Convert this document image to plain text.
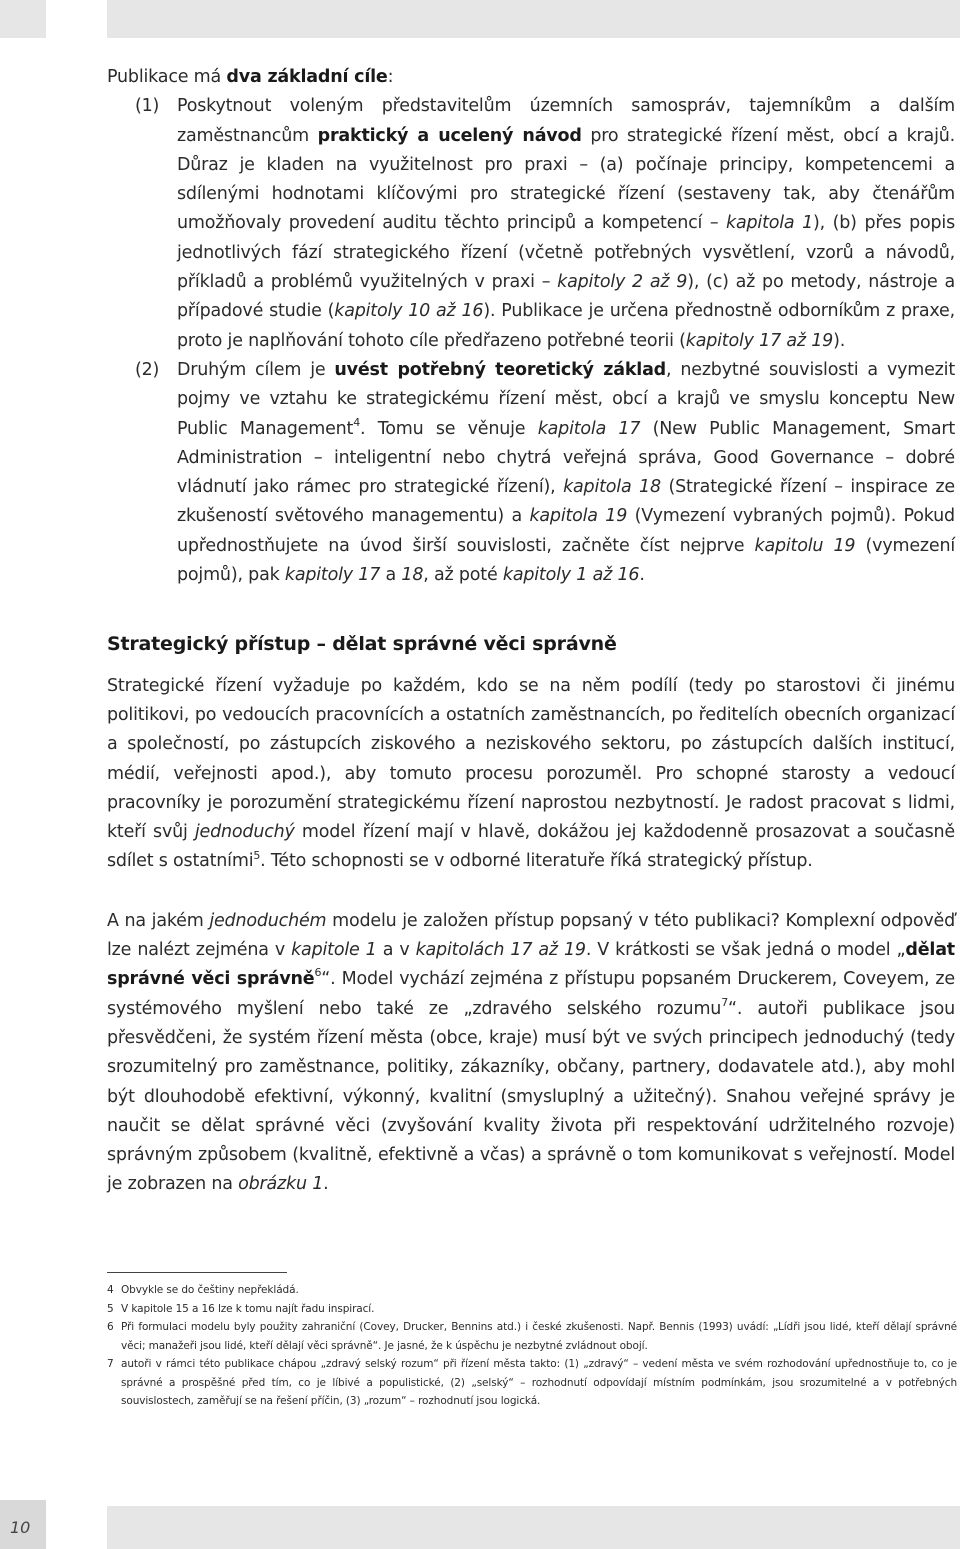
Publikace má dva základní cíle:

(1) Poskytnout voleným představitelům územních samospráv, tajemníkům a dalším zaměstnancům praktický a ucelený návod pro strategické řízení měst, obcí a krajů. Důraz je kladen na využitelnost pro praxi – (a) počínaje principy, kompetencemi a sdílenými hodnotami klíčovými pro strategické řízení (sestaveny tak, aby čtenářům umožňovaly provedení auditu těchto principů a kompetencí – kapitola 1), (b) přes popis jednotlivých fází strategického řízení (včetně potřebných vysvětlení, vzorů a návodů, příkladů a problémů využitelných v praxi – kapitoly 2 až 9), (c) až po metody, nástroje a případové studie (kapitoly 10 až 16). Publikace je určena přednostně odborníkům z praxe, proto je naplňování tohoto cíle předřazeno potřebné teorii (kapitoly 17 až 19).

(2) Druhým cílem je uvést potřebný teoretický základ, nezbytné souvislosti a vymezit pojmy ve vztahu ke strategickému řízení měst, obcí a krajů ve smyslu konceptu New Public Management$^4$. Tomu se věnuje kapitola 17 (New Public Management, Smart Administration – inteligentní nebo chytrá veřejná správa, Good Governance – dobré vládnutí jako rámec pro strategické řízení), kapitola 18 (Strategické řízení – inspirace ze zkušeností světového managementu) a kapitola 19 (Vymezení vybraných pojmů). Pokud upřednostňujete na úvod širší souvislosti, začněte číst nejprve kapitolu 19 (vymezení pojmů), pak kapitoly 17 a 18, až poté kapitoly 1 až 16.

Strategický přístup – dělat správné věci správně

Strategické řízení vyžaduje po každém, kdo se na něm podílí (tedy po starostovi či jinému politikovi, po vedoucích pracovnících a ostatních zaměstnancích, po ředitelích obecních organizací a společností, po zástupcích ziskového a neziskového sektoru, po zástupcích dalších institucí, médií, veřejnosti apod.), aby tomuto procesu porozuměl. Pro schopné starosty a vedoucí pracovníky je porozumění strategickému řízení naprostou nezbytností. Je radost pracovat s lidmi, kteří svůj jednoduchý model řízení mají v hlavě, dokážou jej každodenně prosazovat a současně sdílet s ostatními$^5$. Této schopnosti se v odborné literatuře říká strategický přístup.

A na jakém jednoduchém modelu je založen přístup popsaný v této publikaci? Komplexní odpověď lze nalézt zejména v kapitole 1 a v kapitolách 17 až 19. V krátkosti se však jedná o model „dělat správné věci správně$^6$“. Model vychází zejména z přístupu popsaném Druckerem, Coveyem, ze systémového myšlení nebo také ze „zdravého selského rozumu$^7$“. autoři publikace jsou přesvědčeni, že systém řízení města (obce, kraje) musí být ve svých principech jednoduchý (tedy srozumitelný pro zaměstnance, politiky, zákazníky, občany, partnery, dodavatele atd.), aby mohl být dlouhodobě efektivní, výkonný, kvalitní (smysluplný a užitečný). Snahou veřejné správy je naučit se dělat správné věci (zvyšování kvality života při respektování udržitelného rozvoje) správným způsobem (kvalitně, efektivně a včas) a správně o tom komunikovat s veřejností. Model je zobrazen na obrázku 1.

4 Obvykle se do češtiny nepřekládá.
5 V kapitole 15 a 16 lze k tomu najít řadu inspirací.
6 Při formulaci modelu byly použity zahraniční (Covey, Drucker, Bennins atd.) i české zkušenosti. Např. Bennis (1993) uvádí: „Lídři jsou lidé, kteří dělají správné věci; manažeři jsou lidé, kteří dělají věci správně“. Je jasné, že k úspěchu je nezbytné zvládnout obojí.
7 autoři v rámci této publikace chápou „zdravý selský rozum“ při řízení města takto: (1) „zdravý“ – vedení města ve svém rozhodování upřednostňuje to, co je správné a prospěšné před tím, co je líbivé a populistické, (2) „selský“ – rozhodnutí odpovídají místním podmínkám, jsou srozumitelné a v potřebných souvislostech, zaměřují se na řešení příčin, (3) „rozum“ – rozhodnutí jsou logická.
10
